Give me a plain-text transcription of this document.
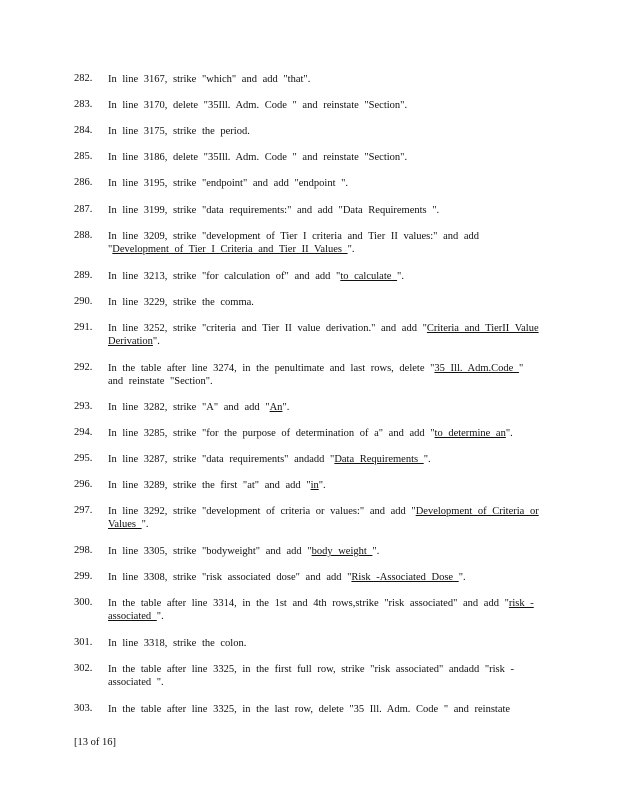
282.	In line 3167, strike "which" and add "that".
283.	In line 3170, delete "35Ill. Adm. Code " and reinstate "Section".
284.	In line 3175, strike the period.
285.	In line 3186, delete "35Ill. Adm. Code " and reinstate "Section".
286.	In line 3195, strike "endpoint" and add "endpoint ".
287.	In line 3199, strike "data requirements:" and add "Data Requirements ".
288.	In line 3209, strike "development of Tier I criteria and Tier II values:" and add "Development of Tier I Criteria and Tier II Values ".
289.	In line 3213, strike "for calculation of" and add "to calculate ".
290.	In line 3229, strike the comma.
291.	In line 3252, strike "criteria and Tier II value derivation." and add "Criteria and TierII Value Derivation".
292.	In the table after line 3274, in the penultimate and last rows, delete "35 Ill. Adm.Code " and reinstate "Section".
293.	In line 3282, strike "A" and add "An".
294.	In line 3285, strike "for the purpose of determination of a" and add "to determine an".
295.	In line 3287, strike "data requirements" andadd "Data Requirements ".
296.	In line 3289, strike the first "at" and add "in".
297.	In line 3292, strike "development of criteria or values:" and add "Development of Criteria or Values ".
298.	In line 3305, strike "bodyweight" and add "body weight ".
299.	In line 3308, strike "risk associated dose" and add "Risk -Associated Dose ".
300.	In the table after line 3314, in the 1st and 4th rows,strike "risk associated" and add "risk - associated ".
301.	In line 3318, strike the colon.
302.	In the table after line 3325, in the first full row, strike "risk associated" andadd "risk - associated ".
303.	In the table after line 3325, in the last row, delete "35 Ill. Adm. Code " and reinstate
[13 of 16]
